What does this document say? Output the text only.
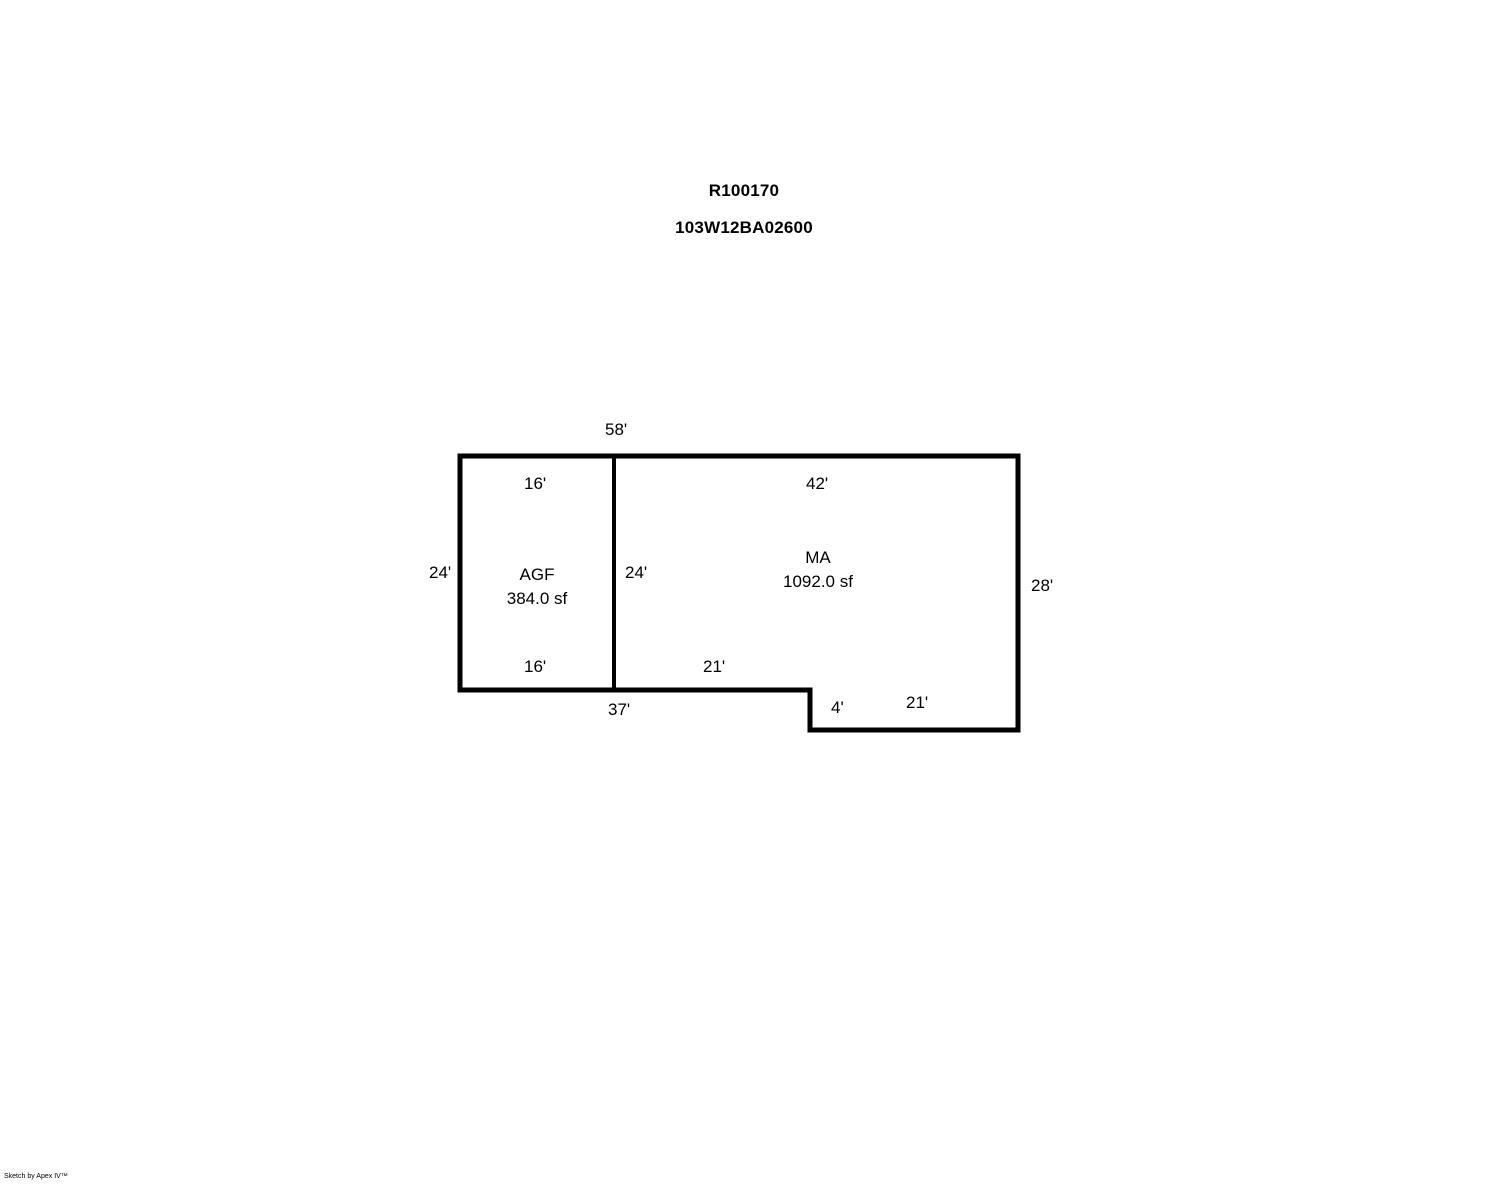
R100170
103W12BA02600
58'
16'	42'
24'	24'
28'
16'	21'
37'	4'	21'
AGF
384.0 sf
MA
1092.0 sf
Sketch by Apex IV™
